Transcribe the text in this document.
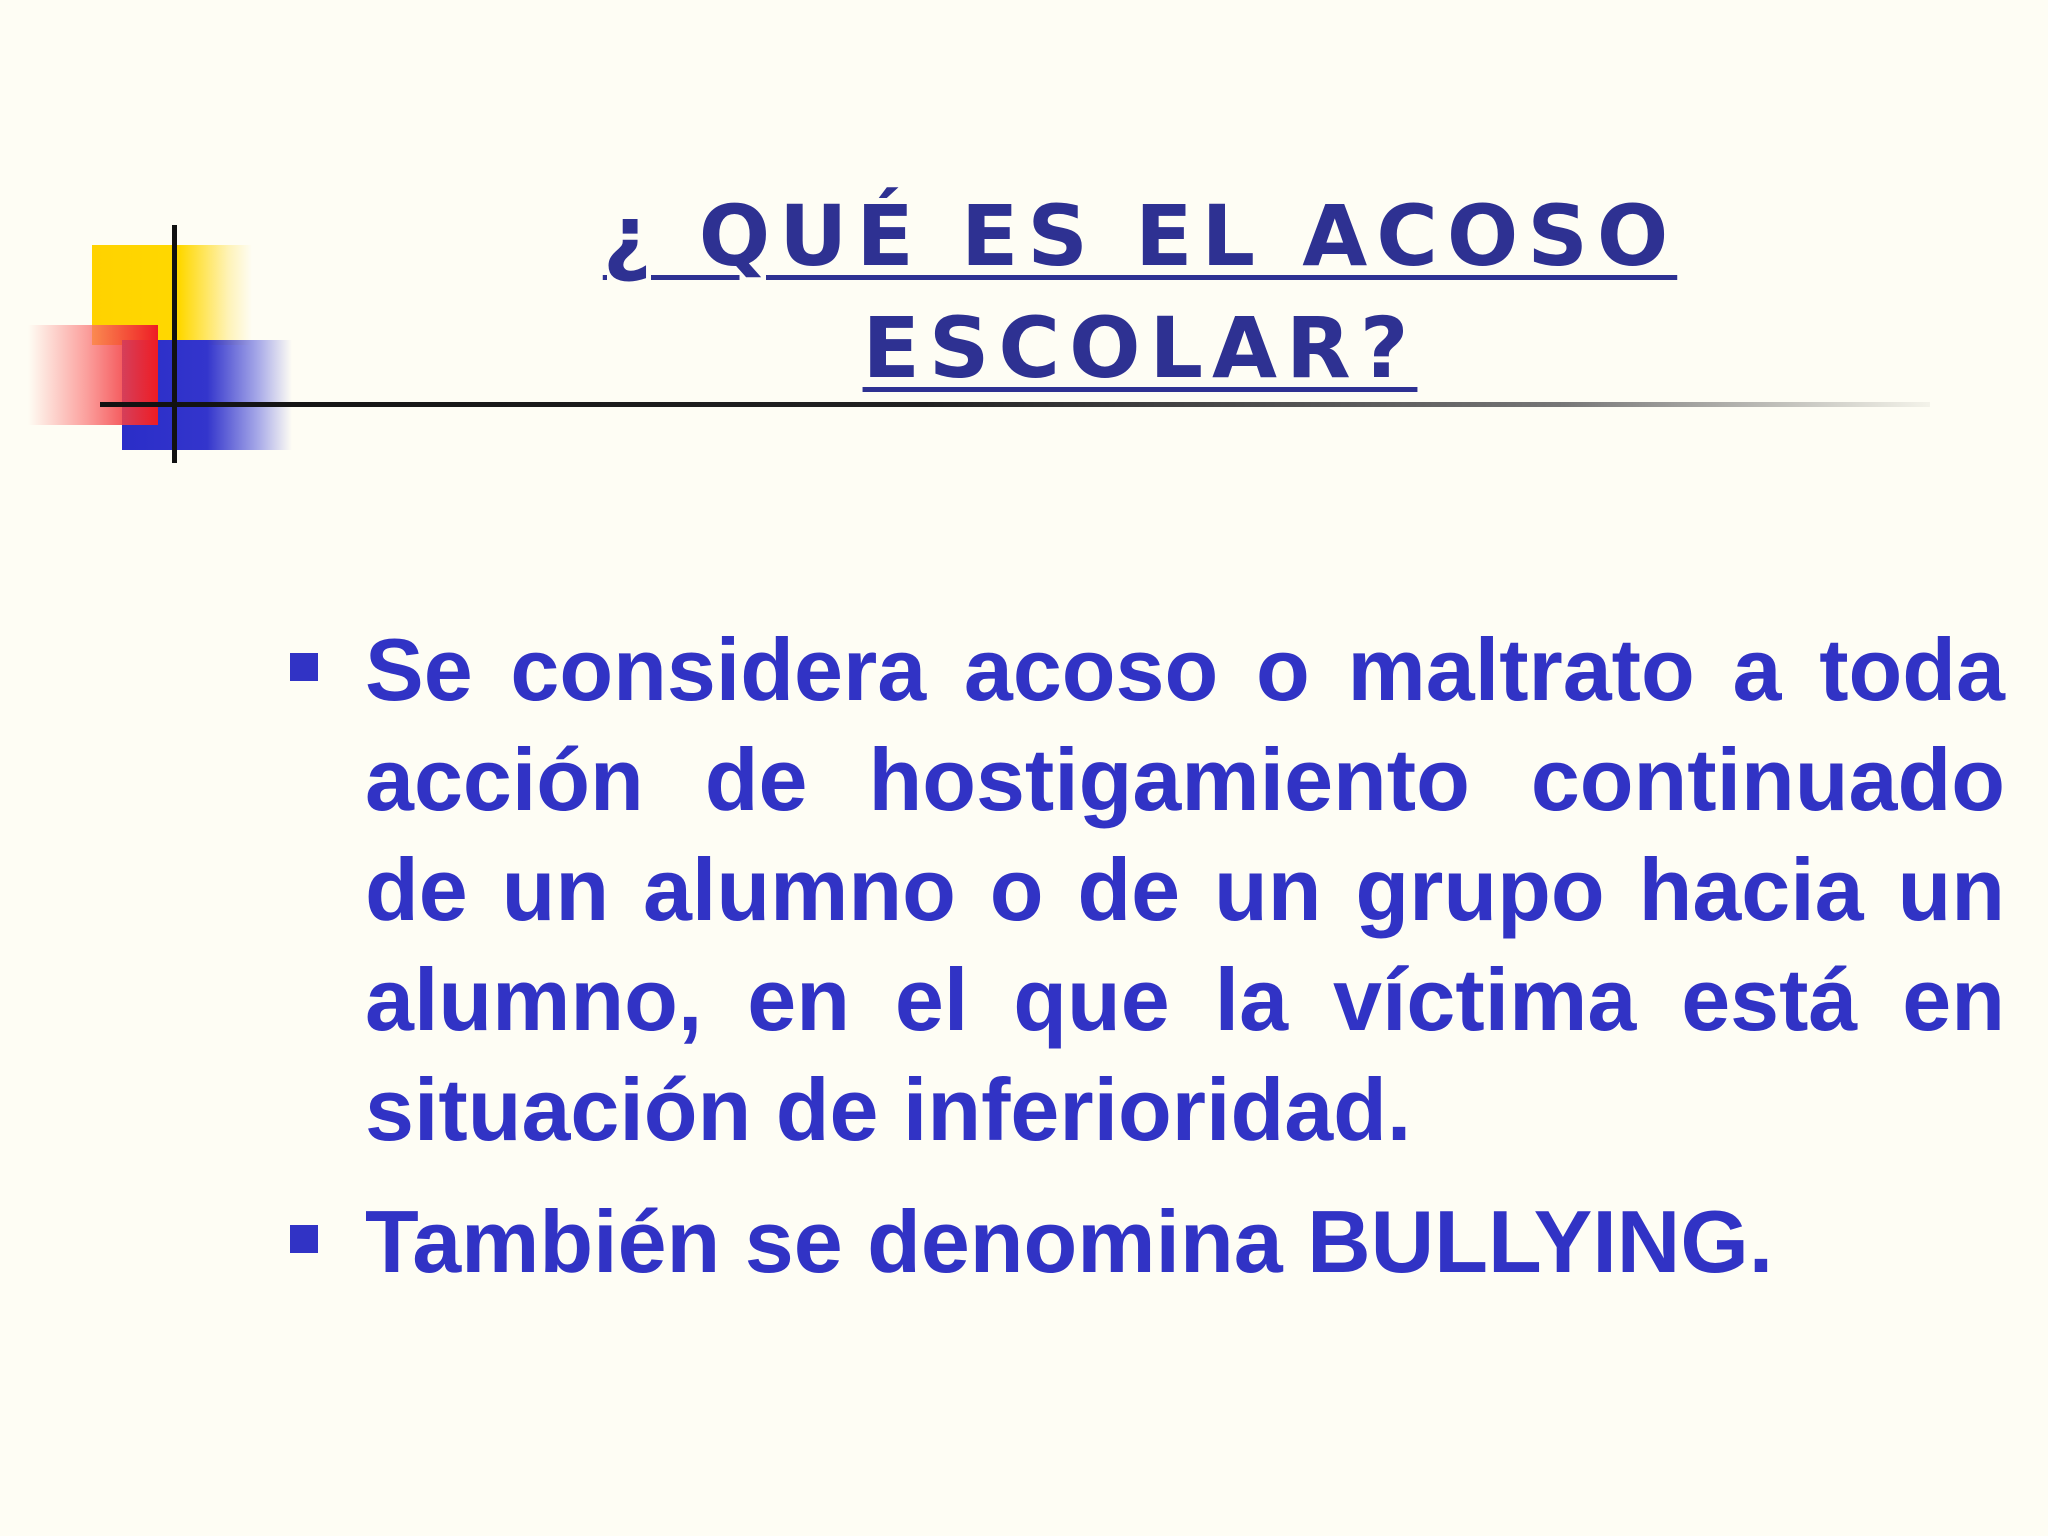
¿ QUÉ ES EL ACOSO ESCOLAR?
Se considera acoso o maltrato a toda acción de hostigamiento continuado de un alumno o de un grupo hacia un alumno, en el que la víctima está en situación de inferioridad.
También se denomina BULLYING.
